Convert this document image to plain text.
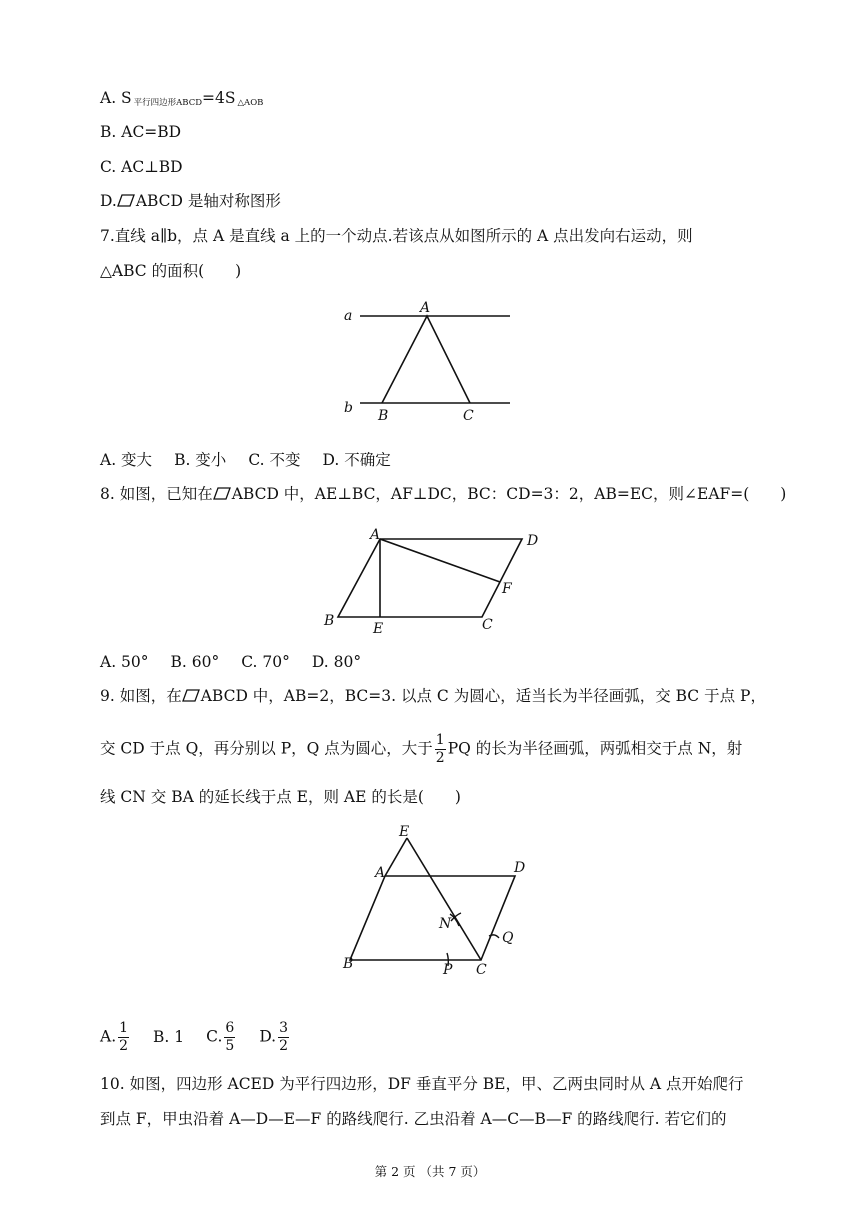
A. S $_{平行四边形ABCD}$=4S $_{\triangle AOB}$
B. AC=BD
C. AC⊥BD
D. ABCD 是轴对称图形
7.直线 a∥b，点 A 是直线 a 上的一个动点.若该点从如图所示的 A 点出发向右运动，则
△ABC 的面积(　　)
a
b
A
B	C
A. 变大 B. 变小 C. 不变 D. 不确定
8. 如图，已知在 ABCD 中，AE⊥BC，AF⊥DC，BC：CD=3：2，AB=EC，则∠EAF=(　　)
A	D
F
B	E	C
A. 50° B. 60° C. 70° D. 80°
9. 如图，在 ABCD 中，AB=2，BC=3. 以点 C 为圆心，适当长为半径画弧，交 BC 于点 P，
交 CD 于点 Q，再分别以 P，Q 点为圆心，大于 $\frac{1}{2}$ PQ 的长为半径画弧，两弧相交于点 N，射
线 CN 交 BA 的延长线于点 E，则 AE 的长是(　　)
E
A	D
N
Q
B	P C
A. $\frac{1}{2} B$. 1 C. $\frac{6}{5} D$. $\frac{3}{2}$
10. 如图，四边形 ACED 为平行四边形，DF 垂直平分 BE，甲、乙两虫同时从 A 点开始爬行
到点 F，甲虫沿着 A—D—E—F 的路线爬行. 乙虫沿着 A—C—B—F 的路线爬行. 若它们的
第 2 页 （共 7 页）
